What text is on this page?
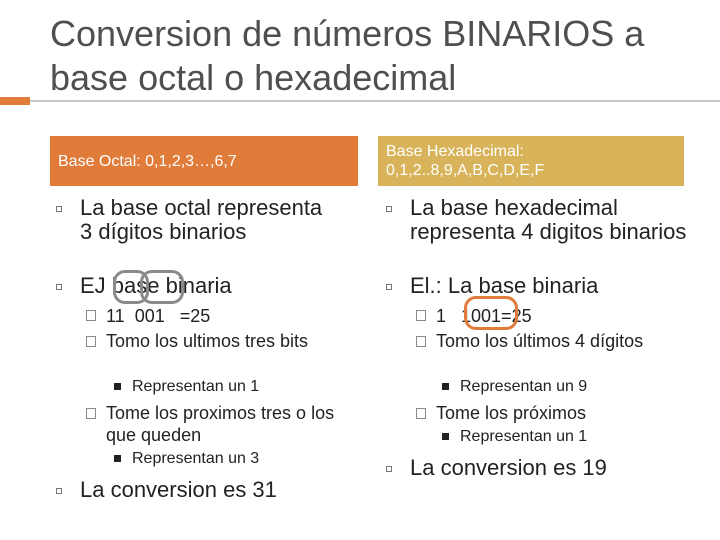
Conversion de números BINARIOS a base octal o hexadecimal
Base Octal: 0,1,2,3…,6,7
La base octal representa 3 dígitos binarios
EJ base binaria
11  001   =25
Tomo los ultimos tres bits
Representan un 1
Tome los proximos tres o los que queden
Representan un 3
La conversion es 31
Base Hexadecimal: 0,1,2..8,9,A,B,C,D,E,F
La base hexadecimal representa 4 digitos binarios
El.: La base binaria
1   1001=25
Tomo los últimos 4 dígitos
Representan un 9
Tome los próximos
Representan un 1
La conversion es 19
